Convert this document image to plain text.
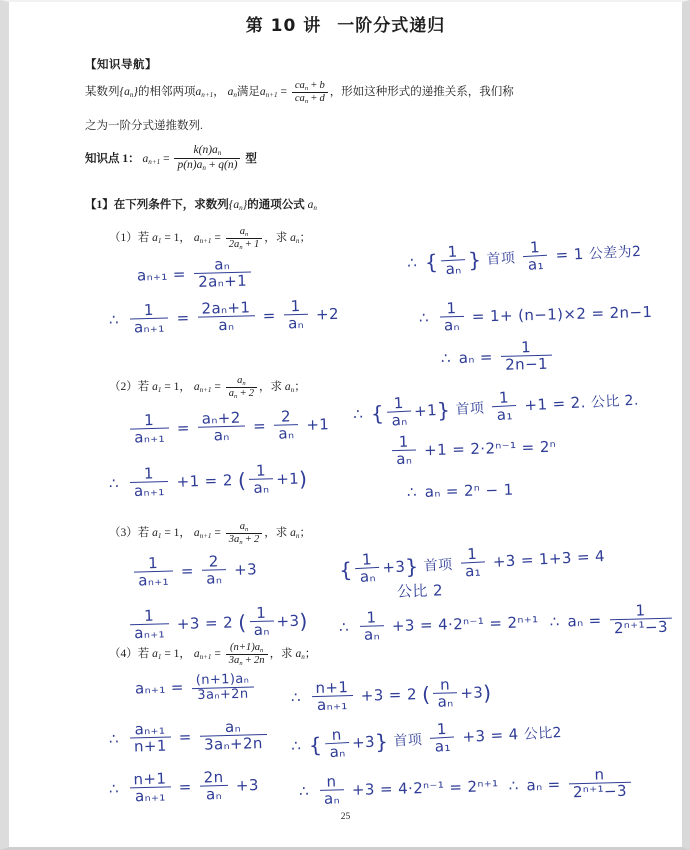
第 10 讲 一阶分式递归
【知识导航】
某数列$\{a_n\}$的相邻两项$a_{n+1}$， $a_n$满足$a_{n+1} = \frac{ca_n + b}{ca_n + d}$ ，形如这种形式的递推关系，我们称
之为一阶分式递推数列.
知识点 1： $a_{n+1} = \frac{k(n)a_n}{p(n)a_n + q(n)}$ 型
【1】在下列条件下，求数列$\{a_n\}$的通项公式 $a_n$
（1）若 $a_1 = 1$， $a_{n+1} = \frac{a_n}{2a_n + 1}$ ，求 $a_n$；
$a_{n+1} = \frac{\text{aₙ}}{\text{2aₙ+1}}$
∴ $\frac{1}{\text{aₙ₊₁}} = \frac{\text{2aₙ+1}}{\text{aₙ}} = \frac{1}{\text{aₙ}} +2$
∴ { $\frac{1}{\text{aₙ}}$ } 首项 $\frac{1}{\text{a₁}} = 1$ 公差为2
∴ $\frac{1}{\text{aₙ}} = 1+ (n-1)\times 2 = 2n-1$
∴ $a_n = \frac{1}{2n-1}$
（2）若 $a_1 = 1$， $a_{n+1} = \frac{a_n}{a_n + 2}$ ，求 $a_n$；
$\frac{1}{\text{aₙ₊₁}} = \frac{\text{aₙ+2}}{\text{aₙ}} = \frac{2}{\text{aₙ}} +1$
∴ $\frac{1}{\text{aₙ₊₁}} +1 = 2$ ( $\frac{1}{\text{aₙ}} +1$)
∴ { $\frac{1}{\text{aₙ}} +1$} 首项 $\frac{1}{\text{a₁}} +1 = 2$. 公比 2.
$\frac{1}{\text{aₙ}} +1 = 2\cdot 2^{n-1} = 2^n$
∴ aₙ = 2ⁿ − 1
（3）若 $a_1 = 1$， $a_{n+1} = \frac{a_n}{3a_n + 2}$ ，求 $a_n$；
$\frac{1}{\text{aₙ₊₁}} = \frac{2}{\text{aₙ}} +3$
$\frac{1}{\text{aₙ₊₁}} +3 = 2$ ( $\frac{1}{\text{aₙ}} +3$)
{ $\frac{1}{\text{aₙ}} +3$} 首项 $\frac{1}{\text{a₁}} +3 = 1+3 = 4$
公比 2
∴ $\frac{1}{\text{aₙ}} +3 = 4\cdot 2^{n-1} = 2^{n+1}$ ∴ $a_n = \frac{1}{\text{2ⁿ⁺¹−3}}$
（4）若 $a_1 = 1$， $a_{n+1} = \frac{(n+1)a_n}{3a_n + 2n}$ ，求 $a_n$；
$a_{n+1} = \frac{\text{(n+1)aₙ}}{\text{3aₙ+2n}}$
∴ $\frac{\text{aₙ₊₁}}{n+1} = \frac{\text{aₙ}}{\text{3aₙ+2n}}$
∴ $\frac{n+1}{\text{aₙ₊₁}} = \frac{2n}{\text{aₙ}} +3$
∴ $\frac{n+1}{\text{aₙ₊₁}} +3 = 2$ ( $\frac{n}{\text{aₙ}} +3$)
∴ { $\frac{n}{\text{aₙ}} +3$} 首项 $\frac{1}{\text{a₁}} +3 = 4$ 公比2
∴ $\frac{n}{\text{aₙ}} +3 = 4\cdot 2^{n-1} = 2^{n+1}$ ∴ $a_n = \frac{n}{\text{2ⁿ⁺¹−3}}$
25
